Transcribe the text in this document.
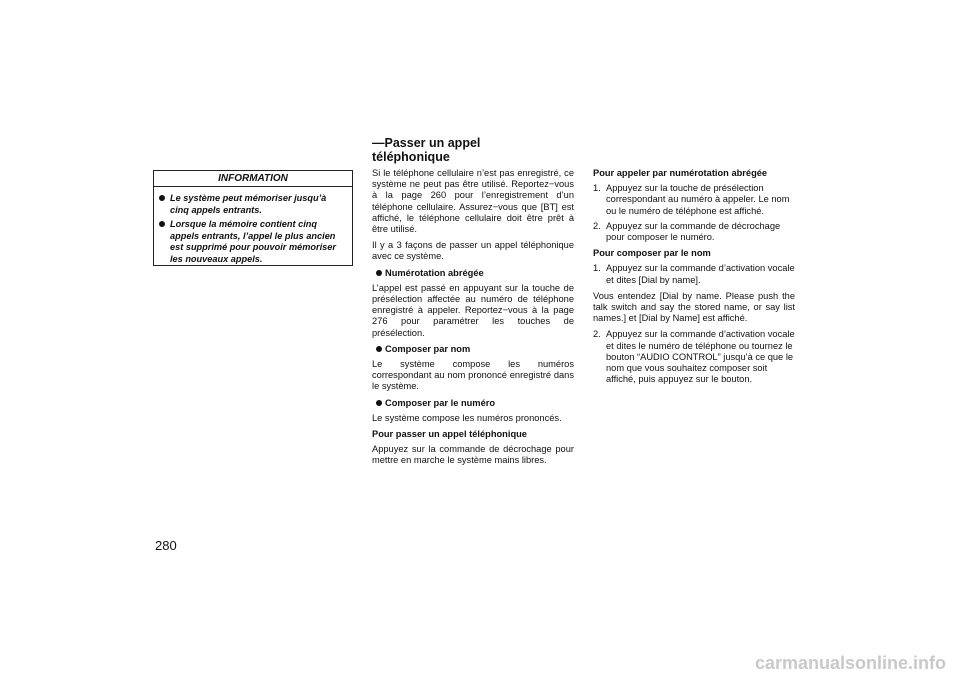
INFORMATION
Le système peut mémoriser jusqu’à cinq appels entrants.
Lorsque la mémoire contient cinq appels entrants, l’appel le plus ancien est supprimé pour pouvoir mémoriser les nouveaux appels.
280
—Passer un appel téléphonique

Si le téléphone cellulaire n’est pas enregistré, ce système ne peut pas être utilisé. Reportez−vous à la page 260 pour l’enregistrement d’un téléphone cellulaire. Assurez−vous que [BT] est affiché, le téléphone cellulaire doit être prêt à être utilisé.

Il y a 3 façons de passer un appel téléphonique avec ce système.

Numérotation abrégée

L’appel est passé en appuyant sur la touche de présélection affectée au numéro de téléphone enregistré à appeler. Reportez−vous à la page 276 pour paramétrer les touches de présélection.

Composer par nom

Le système compose les numéros correspondant au nom prononcé enregistré dans le système.

Composer par le numéro

Le système compose les numéros prononcés.

Pour passer un appel téléphonique

Appuyez sur la commande de décrochage pour mettre en marche le système mains libres.

Pour appeler par numérotation abrégée
1. Appuyez sur la touche de présélection correspondant au numéro à appeler. Le nom ou le numéro de téléphone est affiché.
2. Appuyez sur la commande de décrochage pour composer le numéro.
Pour composer par le nom
1. Appuyez sur la commande d’activation vocale et dites [Dial by name].

Vous entendez [Dial by name. Please push the talk switch and say the stored name, or say list names.] et [Dial by Name] est affiché.

2. Appuyez sur la commande d’activation vocale et dites le numéro de téléphone ou tournez le bouton “AUDIO CONTROL” jusqu’à ce que le nom que vous souhaitez composer soit affiché, puis appuyez sur le bouton.
carmanualsonline.info
